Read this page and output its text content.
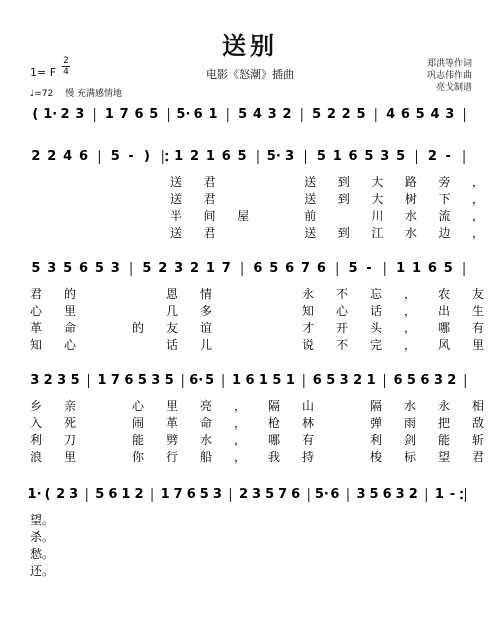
送别
电影《怒潮》插曲
郑洪等作词
巩志伟作曲
亮戈制谱
1= F
2
4
♩=72　 慢 充满感情地
( 1· 2 3 1 7 6 5 5· 6 1 5 4 3 2 5 2 2 5 4 6 5 4 3
2 2 4 6 5 - ) 1 2 1 6 5 5· 3 5 1 6 5 3 5 2 -
送 君　　	送 到 大 路 旁 ，
送 君　　	送 到 大 树 下 ，
半 间 屋　	前　	川 水 流 ，
送 君　　	送 到 江 水 边 ，
5 3 5 6 5 3 5 2 3 2 1 7 6 5 6 7 6 5 - 1 1 6 5
君 的　　	恩 情　　	永 不 忘 ， 农 友
心 里　　	几 多　　	知 心 话 ， 出 生
革 命　	的 友 谊　　	才 开 头 ， 哪 有
知 心　　	话 儿　　	说 不 完 ， 风 里
3 2 3 5 1 7 6 5 3 5 6· 5 1 6 1 5 1 6 5 3 2 1 6 5 6 3 2
乡 亲　	心 里 亮 ， 隔 山　	隔 水 永 相
入 死　	闹 革 命 ， 枪 林　	弹 雨 把 敌
利 刀　	能 劈 水 ， 哪 有　	利 剑 能 斩
浪 里　	你 行 船 ， 我 持　	梭 标 望 君
1· ( 2 3 5 6 1 2 1 7 6 5 3 2 3 5 7 6 5· 6 3 5 6 3 2 1 -
望。
杀。
愁。
还。
